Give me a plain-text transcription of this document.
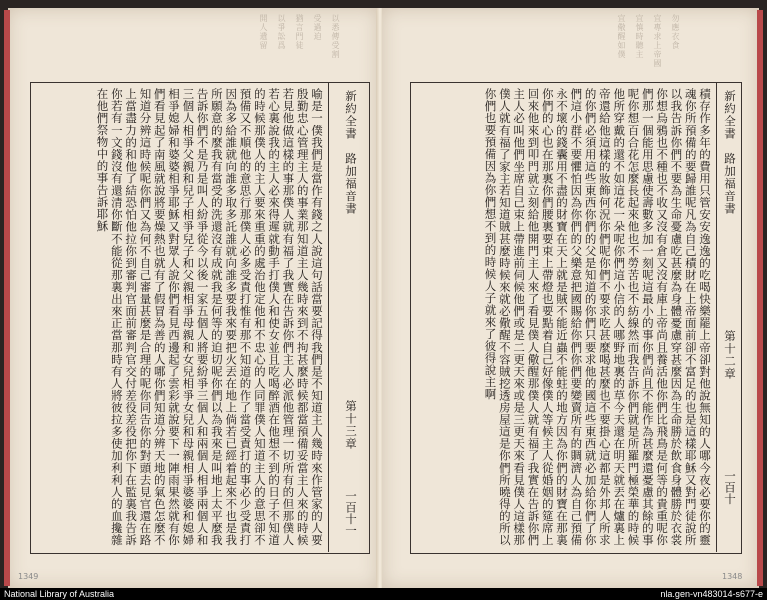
以悉傳受割
受過迫
猶言門徒
以爭訟爲
開人遺留
新約全書　路加福音書
第十三章
一百十一
喻是一僕我們是當作有錢之人說這句話當要記得我們是不知道主人幾時來作管家的人要殷勤忠心管理主人的事業那知道主人幾時來到不拘甚麼時候都當預備妥當主人來的時候若見他做這樣的事那僕人就有福了我實在告訴你們主人必派他管理一切所有的但那僕人若心裏說我的主人必來得遲就動手打僕人和使女並且吃喝醉酒在他想不到的日子不知道的時候那僕人的主人要來重重的處治他定他和不忠心的人同罪僕人知道主人的意思卻不預備又不順他的意思行那僕人必多受責打惟有那不知道的作了當受責打的事必少受責打因為多給誰就向誰多取多託誰就向誰多要我來要把火丟在地上倘若已經着起來不也是我所願意的麼我有當受的洗還沒有成就我是何等的迫切呢你們以為我來是叫地上太平麼我告訴你們不是乃是叫人紛爭從今以後一家五個人將要紛爭三個人和兩個人相爭兩個人和三個人相爭父親和兒子相爭兒子和父親相爭母親和女兒相爭女兒和母親相爭婆婆和媳婦相爭媳婦和婆婆相爭耶穌又對眾人說你們看見西邊起了雲彩就說要下一陣雨果然就有你們看見起了南風就說將要燥熱也就有了假冒為善的人哪你們知道分辨天地的氣色怎麼不知道分辨這時候呢你們又為何不自己審量甚麼是合理的呢你同告你的對頭去見官還在路上當盡力的和他了結恐怕他拉你到審判官面前審判官交付差役差役把你下在監裏我告訴你若有一文錢沒有還清你斷不能從那裏出來正當那時有人將彼拉多使加利利人的血攙雜在他們祭物中的事告訴耶穌
勿應衣食
宜專求上帝國
宜慎時聽主
宜儆醒如僕
新約全書　路加福音書
第十二章
一百十
積存作多年的費用只管安安逸逸的吃喝快樂罷上帝卻對他說無知的人哪今夜必要你的靈魂你所預備的要歸誰呢凡為自己積財在上帝面前卻不富足的也是這樣耶穌又對門徒說所以我告訴你們不要為生命憂慮吃甚麼為身體憂慮穿甚麼因為生命勝於飲食身體勝於衣裳你想烏鴉也不種也不收又沒有倉又沒有庫上帝尚且養活他你們比飛鳥是何等的貴重呢你們那一個能用思慮使壽數多加一刻呢這最小的事你們尚且不能作為甚麼還憂慮其餘的事呢你想百合花怎麼長起來他也不勞苦也不紡線然而我告訴你們就是所羅門極榮華的時候他所穿戴的還不如這花一朵呢你們這小信的人哪野地裏的草今天還在明天就丟在爐裏上帝還給他這樣的妝飾何況你們呢你們不要求吃甚麼喝甚麼也不要掛心這都是外邦人所求的你們必須用這些東西你們的父是知道的你們只要求他的國這些東西就必加給你們了你們這小群不要懼怕因為你們的父樂意把國賜給你們你們要變賣所有的賙濟人為自己預備永不壞的錢囊用不盡的財寶在天上就是賊不能近蟲不能蛀的地方因為你們的財寶在那裏你們的心也在那裏你們腰裏要束上帶燈也要點着自己好像僕人等候主人從婚姻的筵席上回來他來到叩門就立刻給他開門主人來了看見僕人儆醒那僕人就有福了我實在告訴你們主人必叫他們坐席自己束上帶進前伺候他們或是二更天來或是三更天來看見僕人這樣那僕人就有福了家主若知道賊甚麼時候來就必儆醒不容賊挖透房屋這是你們所曉得的所以你們也要預備因為你們想不到的時候人子就來了彼得說主啊
1349	1348
National Library of Australia	nla.gen-vn483014-s677-e
